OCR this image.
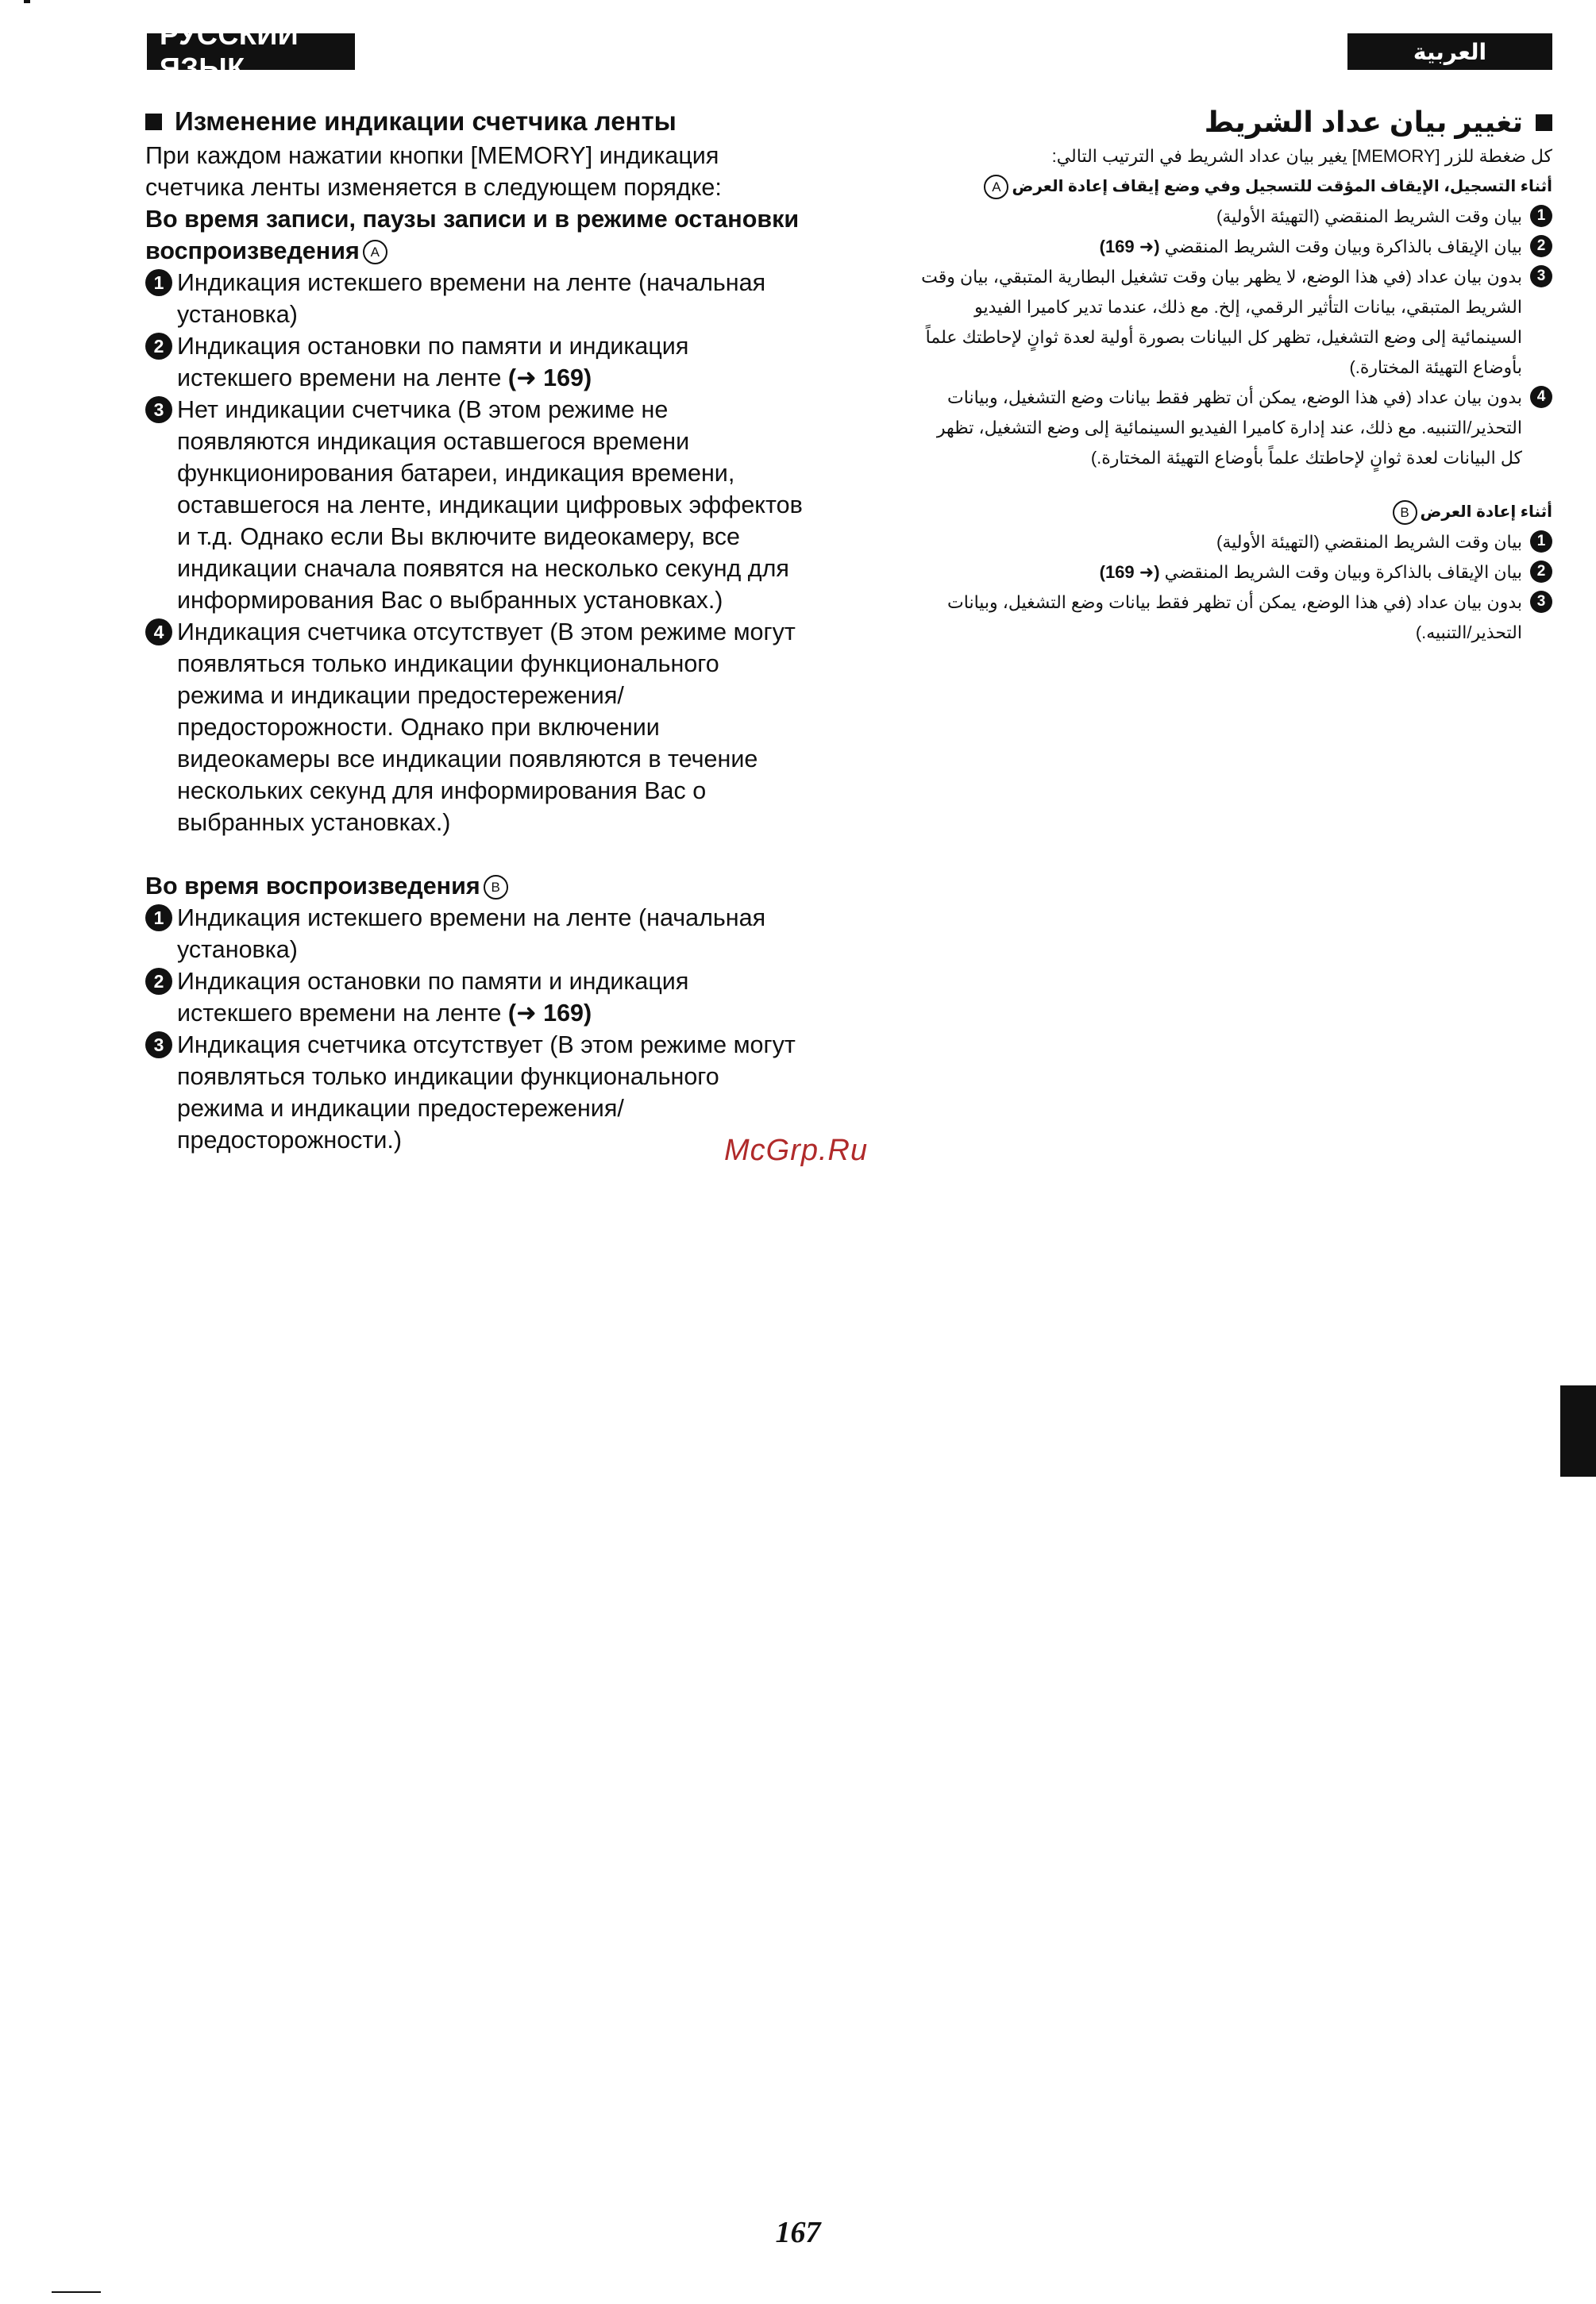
РУССКИЙ ЯЗЫК	العربية
Изменение индикации счетчика ленты
При каждом нажатии кнопки [MEMORY] индикация счетчика ленты изменяется в следующем порядке:
Во время записи, паузы записи и в режиме остановки воспроизведения A
1 Индикация истекшего времени на ленте (начальная установка)
2 Индикация остановки по памяти и индикация истекшего времени на ленте (➜ 169)
3 Нет индикации счетчика (В этом режиме не появляются индикация оставшегося времени функционирования батареи, индикация времени, оставшегося на ленте, индикации цифровых эффектов и т.д. Однако если Вы включите видеокамеру, все индикации сначала появятся на несколько секунд для информирования Вас о выбранных установках.)
4 Индикация счетчика отсутствует (В этом режиме могут появляться только индикации функционального режима и индикации предостережения/предосторожности. Однако при включении видеокамеры все индикации появляются в течение нескольких секунд для информирования Вас о выбранных установках.)
Во время воспроизведения B
1 Индикация истекшего времени на ленте (начальная установка)
2 Индикация остановки по памяти и индикация истекшего времени на ленте (➜ 169)
3 Индикация счетчика отсутствует (В этом режиме могут появляться только индикации функционального режима и индикации предостережения/предосторожности.)
تغيير بيان عداد الشريط
كل ضغطة للزر [MEMORY] يغير بيان عداد الشريط في الترتيب التالي:
أثناء التسجيل، الإيقاف المؤقت للتسجيل وفي وضع إيقاف إعادة العرضA
1
بيان وقت الشريط المنقضي (التهيئة الأولية)
2
بيان الإيقاف بالذاكرة وبيان وقت الشريط المنقضي (➜ 169)
3
بدون بيان عداد (في هذا الوضع، لا يظهر بيان وقت تشغيل البطارية المتبقي، بيان وقت الشريط المتبقي، بيانات التأثير الرقمي، إلخ. مع ذلك، عندما تدير كاميرا الفيديو السينمائية إلى وضع التشغيل، تظهر كل البيانات بصورة أولية لعدة ثوانٍ لإحاطتك علماً بأوضاع التهيئة المختارة.)
4
بدون بيان عداد (في هذا الوضع، يمكن أن تظهر فقط بيانات وضع التشغيل، وبيانات التحذير/التنبيه. مع ذلك، عند إدارة كاميرا الفيديو السينمائية إلى وضع التشغيل، تظهر كل البيانات لعدة ثوانٍ لإحاطتك علماً بأوضاع التهيئة المختارة.)
أثناء إعادة العرضB
1
بيان وقت الشريط المنقضي (التهيئة الأولية)
2
بيان الإيقاف بالذاكرة وبيان وقت الشريط المنقضي (➜ 169)
3
بدون بيان عداد (في هذا الوضع، يمكن أن تظهر فقط بيانات وضع التشغيل، وبيانات التحذير/التنبيه.)
McGrp.Ru
167
